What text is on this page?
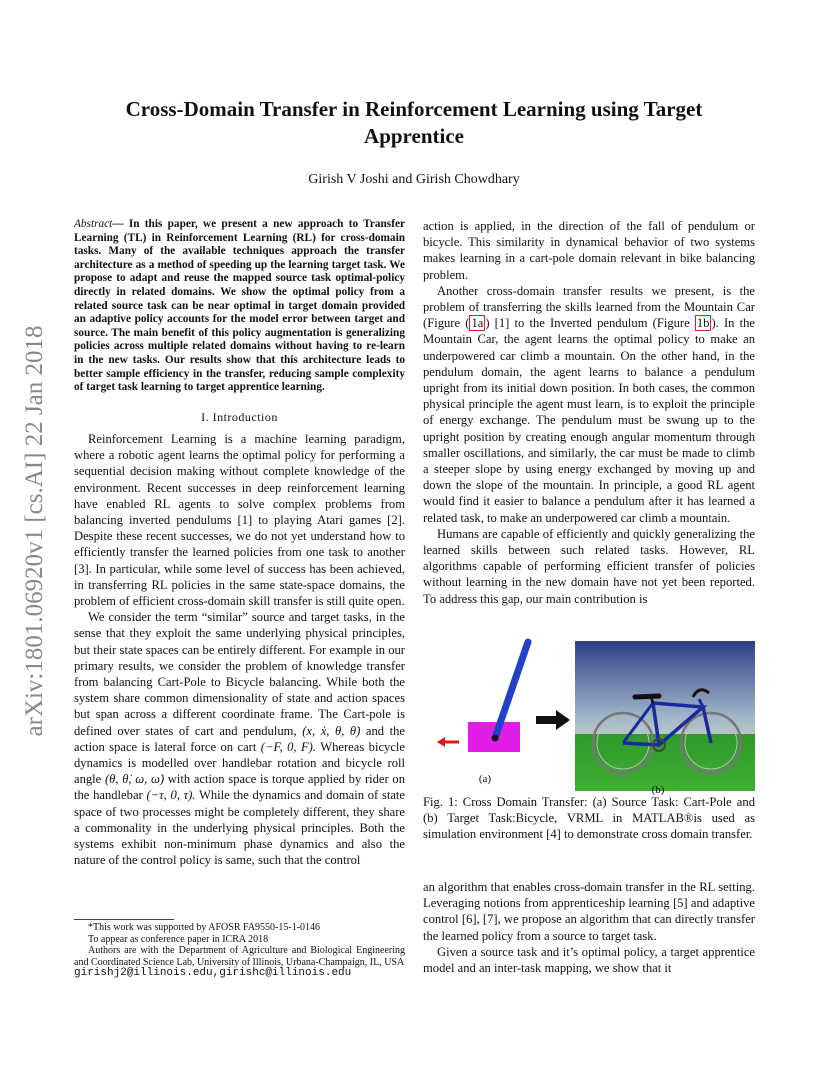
arXiv:1801.06920v1 [cs.AI] 22 Jan 2018
Cross-Domain Transfer in Reinforcement Learning using Target Apprentice
Girish V Joshi and Girish Chowdhary
Abstract— In this paper, we present a new approach to Transfer Learning (TL) in Reinforcement Learning (RL) for cross-domain tasks. Many of the available techniques approach the transfer architecture as a method of speeding up the learning target task. We propose to adapt and reuse the mapped source task optimal-policy directly in related domains. We show the optimal policy from a related source task can be near optimal in target domain provided an adaptive policy accounts for the model error between target and source. The main benefit of this policy augmentation is generalizing policies across multiple related domains without having to re-learn in the new tasks. Our results show that this architecture leads to better sample efficiency in the transfer, reducing sample complexity of target task learning to target apprentice learning.
I. Introduction

Reinforcement Learning is a machine learning paradigm, where a robotic agent learns the optimal policy for performing a sequential decision making without complete knowledge of the environment. Recent successes in deep reinforcement learning have enabled RL agents to solve complex problems from balancing inverted pendulums [1] to playing Atari games [2]. Despite these recent successes, we do not yet understand how to efficiently transfer the learned policies from one task to another [3]. In particular, while some level of success has been achieved, in transferring RL policies in the same state-space domains, the problem of efficient cross-domain skill transfer is still quite open.

We consider the term “similar” source and target tasks, in the sense that they exploit the same underlying physical principles, but their state spaces can be entirely different. For example in our primary results, we consider the problem of knowledge transfer from balancing Cart-Pole to Bicycle balancing. While both the system share common dimensionality of state and action spaces but span across a different coordinate frame. The Cart-pole is defined over states of cart and pendulum, (x, ẋ, θ, θ̇) and the action space is lateral force on cart (−F, 0, F). Whereas bicycle dynamics is modelled over handlebar rotation and bicycle roll angle (θ, θ̇, ω, ω̇) with action space is torque applied by rider on the handlebar (−τ, 0, τ). While the dynamics and domain of state space of two processes might be completely different, they share a commonality in the underlying physical principles. Both the systems exhibit non-minimum phase dynamics and also the nature of the control policy is same, such that the control

*This work was supported by AFOSR FA9550-15-1-0146
To appear as conference paper in ICRA 2018
Authors are with the Department of Agriculture and Biological Engineering and Coordinated Science Lab, University of Illinois, Urbana-Champaign, IL, USA
girishj2@illinois.edu,girishc@illinois.edu

action is applied, in the direction of the fall of pendulum or bicycle. This similarity in dynamical behavior of two systems makes learning in a cart-pole domain relevant in bike balancing problem.

Another cross-domain transfer results we present, is the problem of transferring the skills learned from the Mountain Car (Figure ( 1a ) [1] to the Inverted pendulum (Figure 1b ). In the Mountain Car, the agent learns the optimal policy to make an underpowered car climb a mountain. On the other hand, in the pendulum domain, the agent learns to balance a pendulum upright from its initial down position. In both cases, the common physical principle the agent must learn, is to exploit the principle of energy exchange. The pendulum must be swung up to the upright position by creating enough angular momentum through smaller oscillations, and similarly, the car must be made to climb a steeper slope by using energy exchanged by moving up and down the slope of the mountain. In principle, a good RL agent would find it easier to balance a pendulum after it has learned a related task, to make an underpowered car climb a mountain.

Humans are capable of efficiently and quickly generalizing the learned skills between such related tasks. However, RL algorithms capable of performing efficient transfer of policies without learning in the new domain have not yet been reported. To address this gap, our main contribution is

(a)
(b)
Fig. 1: Cross Domain Transfer: (a) Source Task: Cart-Pole and (b) Target Task:Bicycle, VRML in MATLAB®is used as simulation environment [4] to demonstrate cross domain transfer.

an algorithm that enables cross-domain transfer in the RL setting. Leveraging notions from apprenticeship learning [5] and adaptive control [6], [7], we propose an algorithm that can directly transfer the learned policy from a source to target task.

Given a source task and it’s optimal policy, a target apprentice model and an inter-task mapping, we show that it
